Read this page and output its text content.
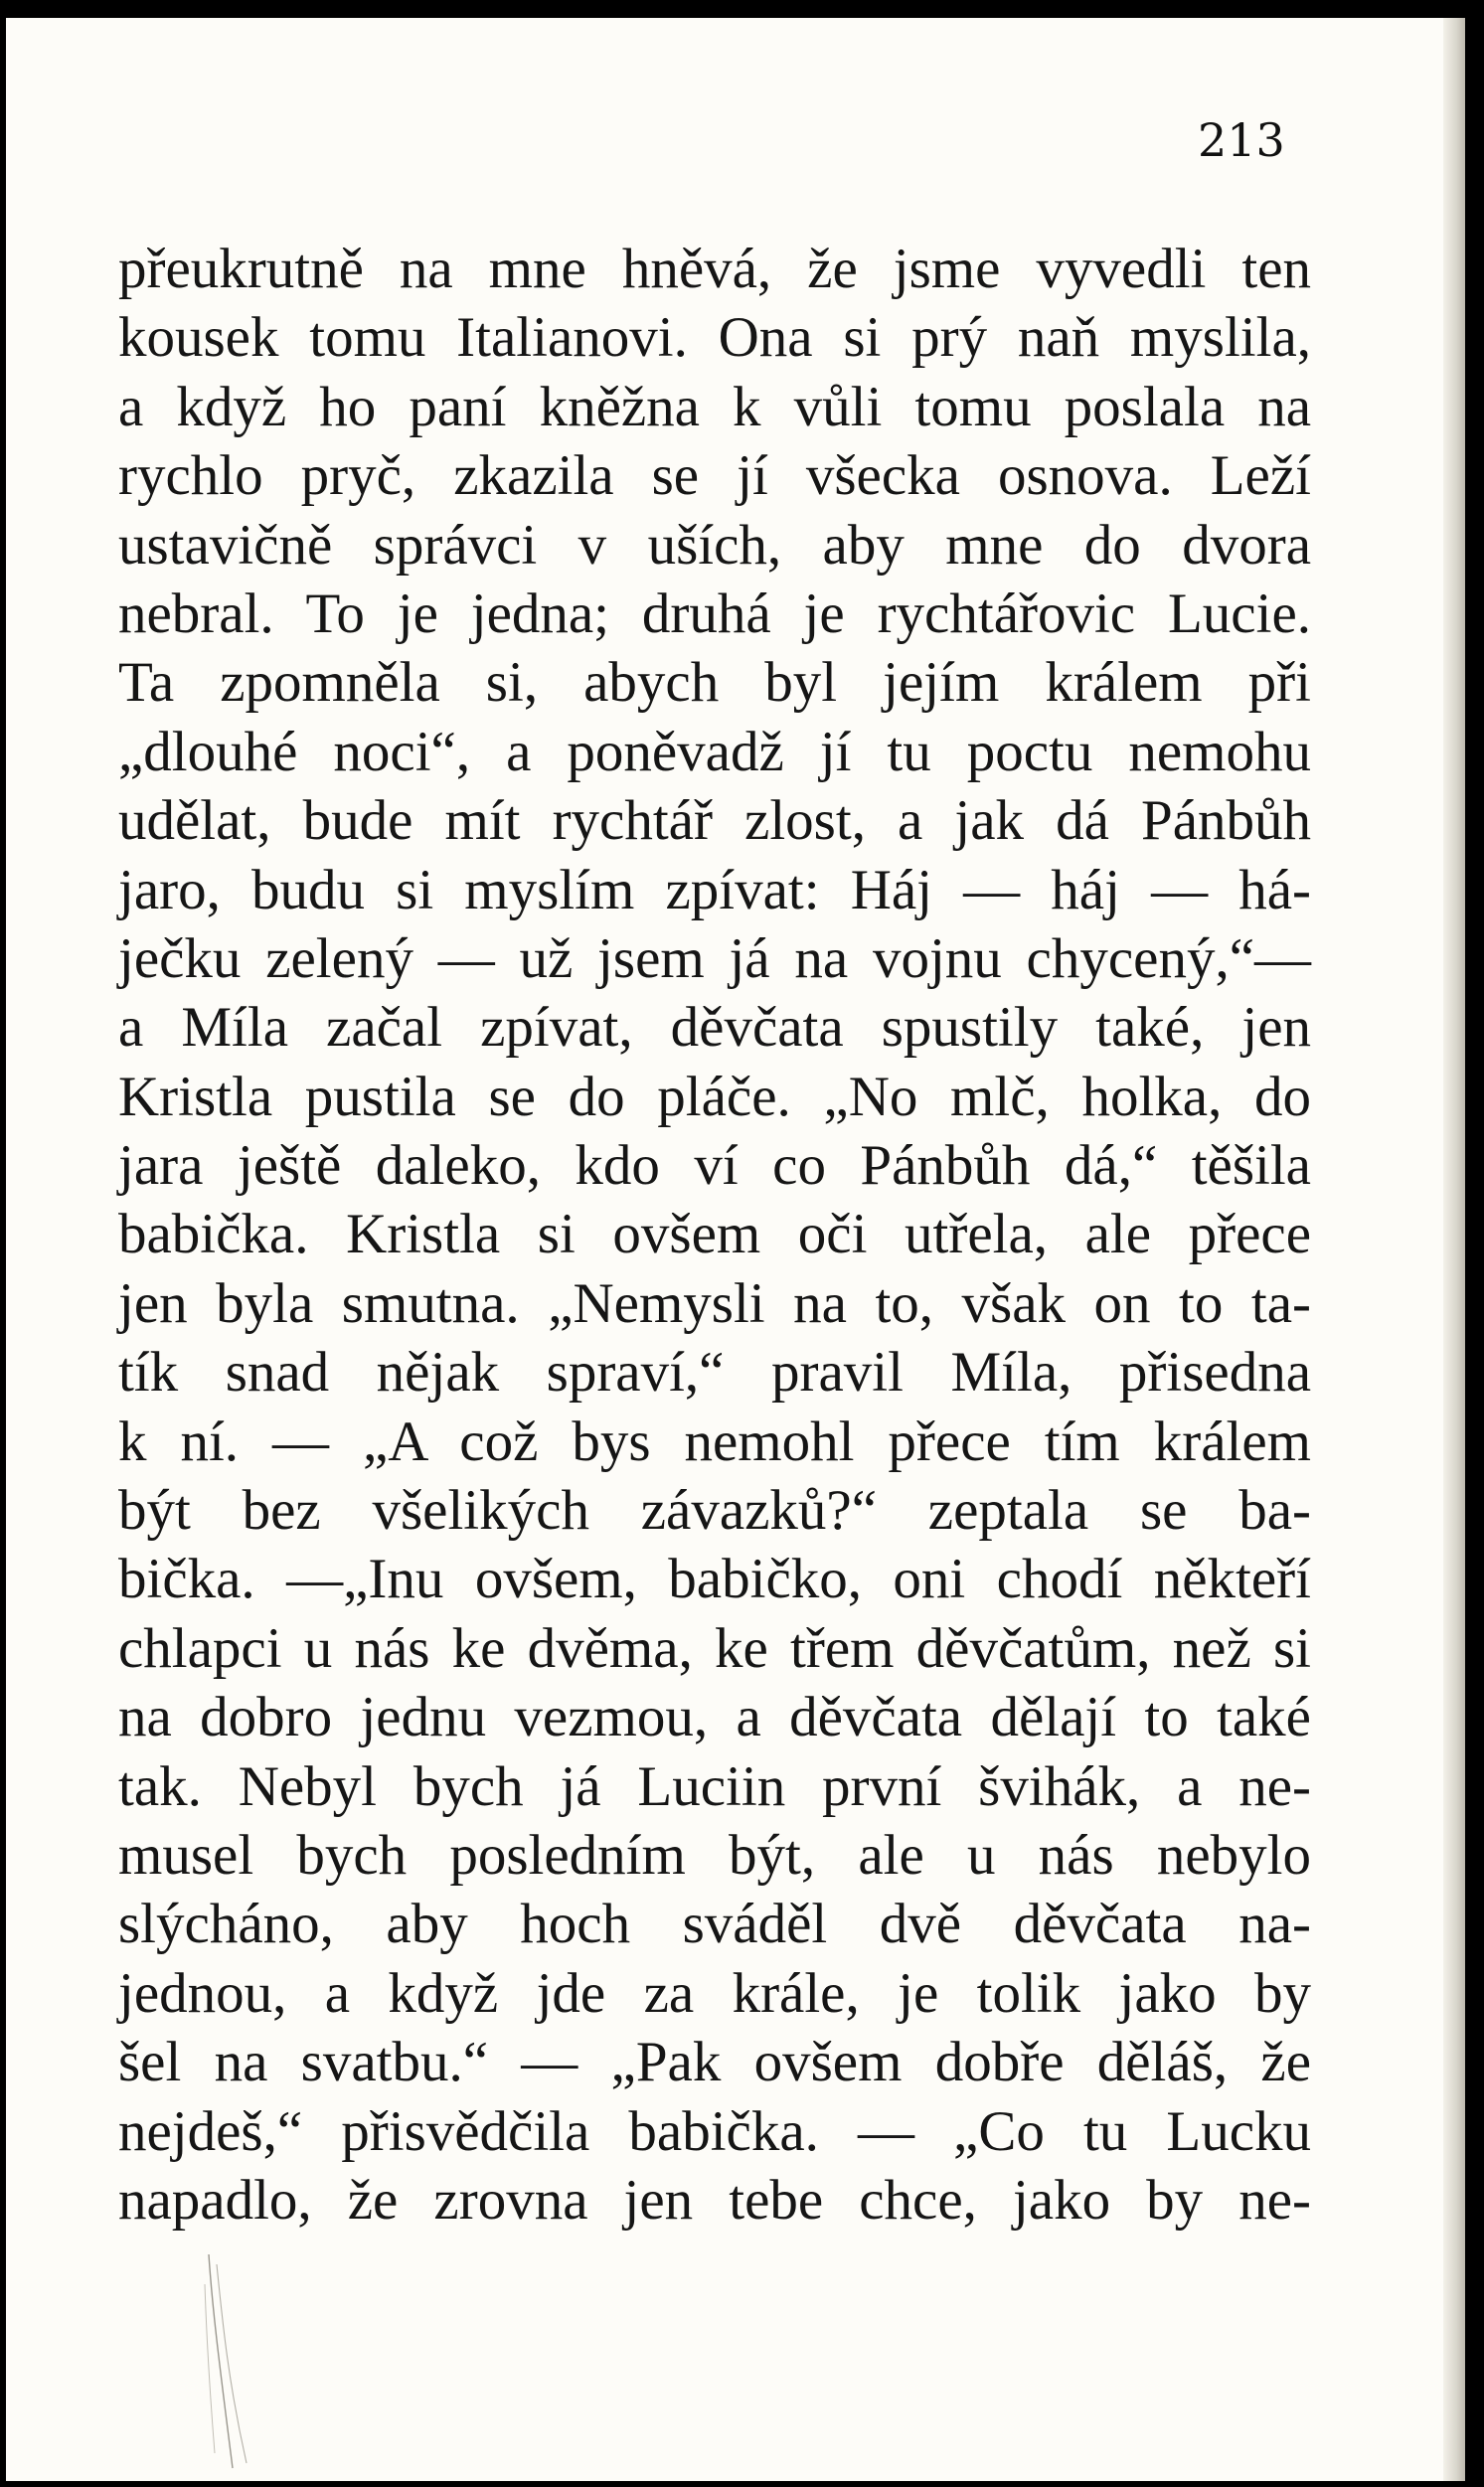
213
přeukrutně na mne hněvá, že jsme vyvedli ten
kousek tomu Italianovi. Ona si prý naň myslila,
a když ho paní kněžna k vůli tomu poslala na
rychlo pryč, zkazila se jí všecka osnova. Leží
ustavičně správci v uších, aby mne do dvora
nebral. To je jedna; druhá je rychtářovic Lucie.
Ta zpomněla si, abych byl jejím králem při
„dlouhé noci“, a poněvadž jí tu poctu nemohu
udělat, bude mít rychtář zlost, a jak dá Pánbůh
jaro, budu si myslím zpívat: Háj — háj — há-
ječku zelený — už jsem já na vojnu chycený,“—
a Míla začal zpívat, děvčata spustily také, jen
Kristla pustila se do pláče. „No mlč, holka, do
jara ještě daleko, kdo ví co Pánbůh dá,“ těšila
babička. Kristla si ovšem oči utřela, ale přece
jen byla smutna. „Nemysli na to, však on to ta-
tík snad nějak spraví,“ pravil Míla, přisedna
k ní. — „A což bys nemohl přece tím králem
být bez všelikých závazků?“ zeptala se ba-
bička. —„Inu ovšem, babičko, oni chodí někteří
chlapci u nás ke dvěma, ke třem děvčatům, než si
na dobro jednu vezmou, a děvčata dělají to také
tak. Nebyl bych já Luciin první švihák, a ne-
musel bych posledním být, ale u nás nebylo
slýcháno, aby hoch sváděl dvě děvčata na-
jednou, a když jde za krále, je tolik jako by
šel na svatbu.“ — „Pak ovšem dobře děláš, že
nejdeš,“ přisvědčila babička. — „Co tu Lucku
napadlo, že zrovna jen tebe chce, jako by ne-
